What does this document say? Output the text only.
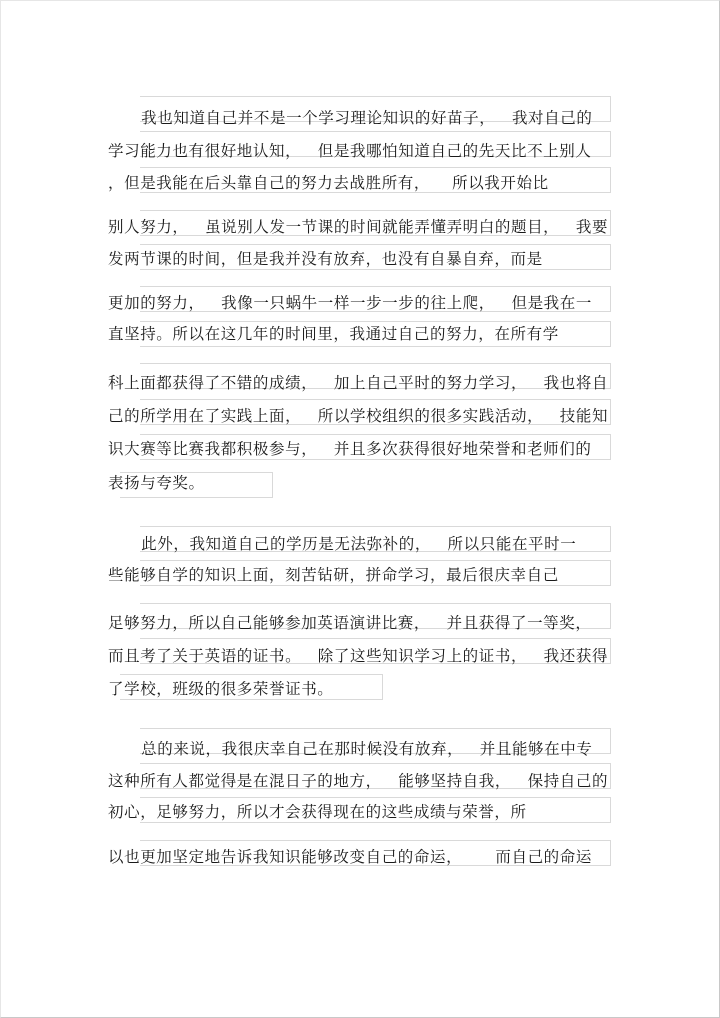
我也知道自己并不是一个学习理论知识的好苗子，   我对自己的
学习能力也有很好地认知，   但是我哪怕知道自己的先天比不上别人
，但是我能在后头靠自己的努力去战胜所有，    所以我开始比
别人努力，   虽说别人发一节课的时间就能弄懂弄明白的题目，   我要
发两节课的时间，但是我并没有放弃，也没有自暴自弃，而是
更加的努力，   我像一只蜗牛一样一步一步的往上爬，   但是我在一
直坚持。所以在这几年的时间里，我通过自己的努力，在所有学
科上面都获得了不错的成绩，   加上自己平时的努力学习，   我也将自
己的所学用在了实践上面，   所以学校组织的很多实践活动，   技能知
识大赛等比赛我都积极参与，   并且多次获得很好地荣誉和老师们的
表扬与夸奖。
此外，我知道自己的学历是无法弥补的，   所以只能在平时一
些能够自学的知识上面，刻苦钻研，拼命学习，最后很庆幸自己
足够努力，所以自己能够参加英语演讲比赛，   并且获得了一等奖，
而且考了关于英语的证书。   除了这些知识学习上的证书，   我还获得
了学校，班级的很多荣誉证书。
总的来说，我很庆幸自己在那时候没有放弃，   并且能够在中专
这种所有人都觉得是在混日子的地方，   能够坚持自我，   保持自己的
初心，足够努力，所以才会获得现在的这些成绩与荣誉，所
以也更加坚定地告诉我知识能够改变自己的命运，      而自己的命运
